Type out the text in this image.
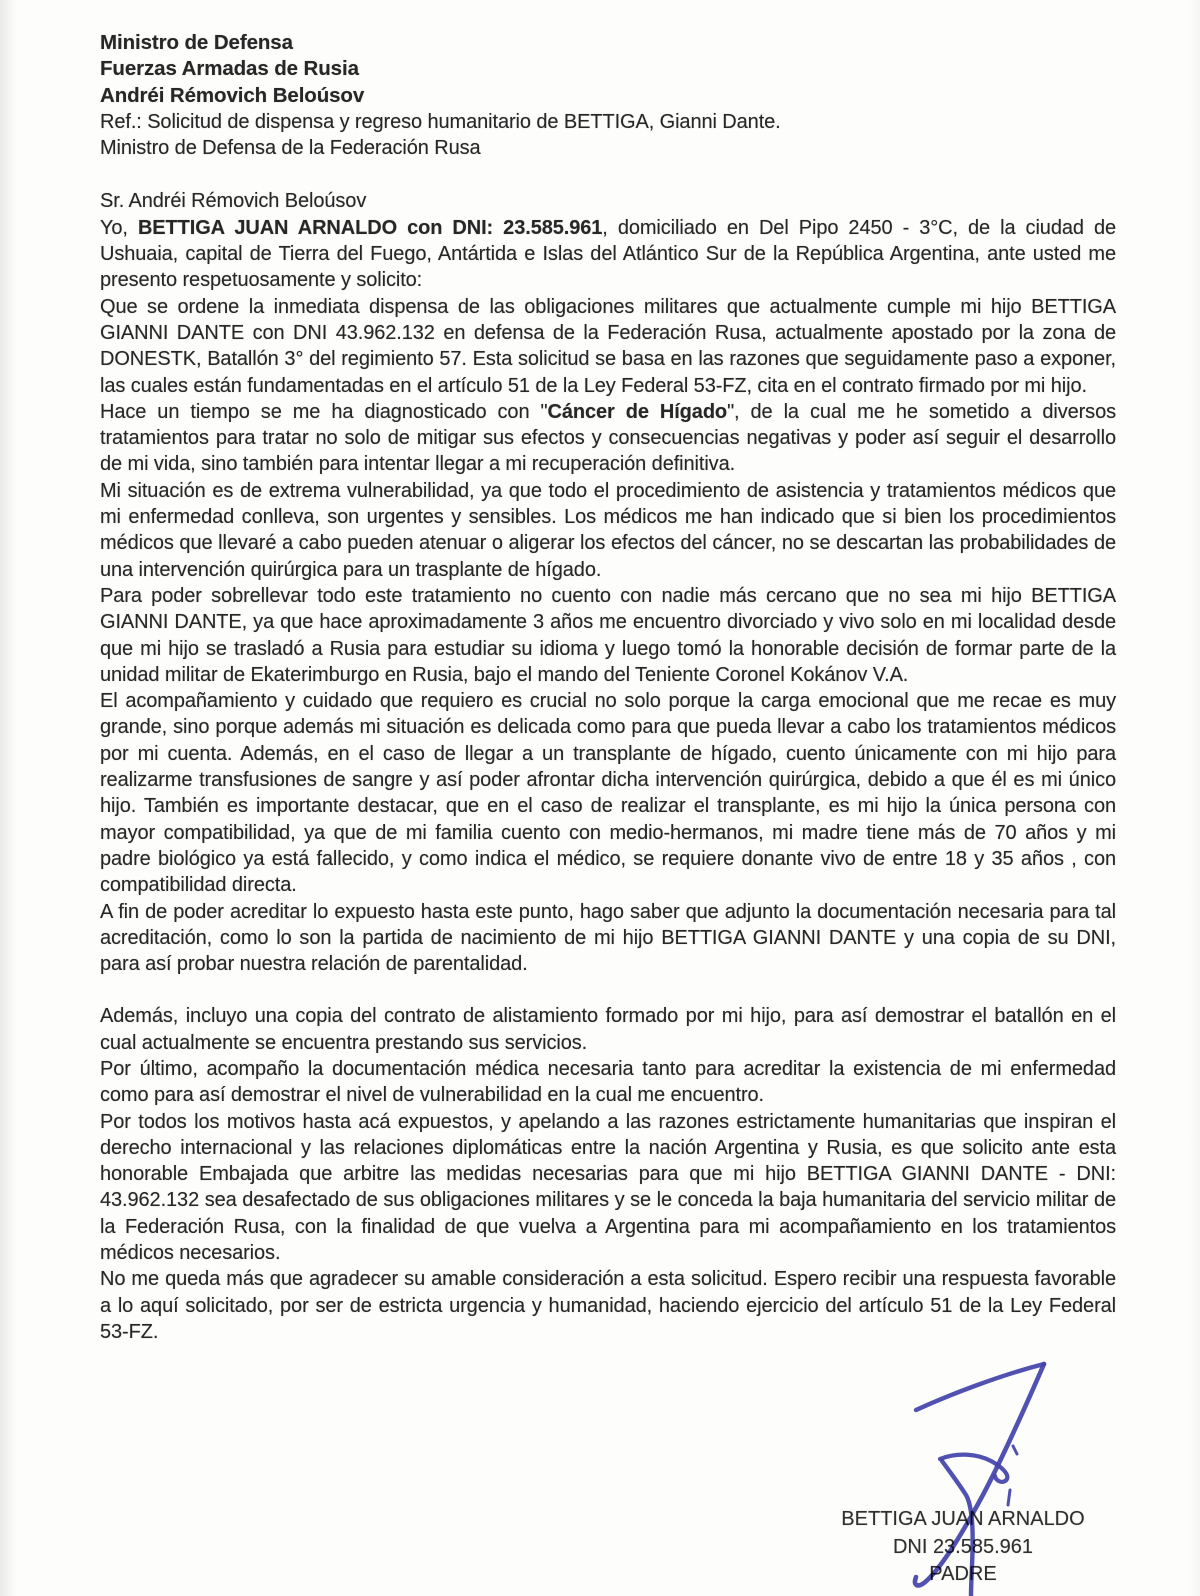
Ministro de Defensa
Fuerzas Armadas de Rusia
Andréi Rémovich Beloúsov
Ref.: Solicitud de dispensa y regreso humanitario de BETTIGA, Gianni Dante.
Ministro de Defensa de la Federación Rusa
Sr. Andréi Rémovich Beloúsov

Yo, BETTIGA JUAN ARNALDO con DNI: 23.585.961, domiciliado en Del Pipo 2450 - 3°C, de la ciudad de Ushuaia, capital de Tierra del Fuego, Antártida e Islas del Atlántico Sur de la República Argentina, ante usted me presento respetuosamente y solicito:

Que se ordene la inmediata dispensa de las obligaciones militares que actualmente cumple mi hijo BETTIGA GIANNI DANTE con DNI 43.962.132 en defensa de la Federación Rusa, actualmente apostado por la zona de DONESTK, Batallón 3° del regimiento 57. Esta solicitud se basa en las razones que seguidamente paso a exponer, las cuales están fundamentadas en el artículo 51 de la Ley Federal 53-FZ, cita en el contrato firmado por mi hijo.

Hace un tiempo se me ha diagnosticado con "Cáncer de Hígado", de la cual me he sometido a diversos tratamientos para tratar no solo de mitigar sus efectos y consecuencias negativas y poder así seguir el desarrollo de mi vida, sino también para intentar llegar a mi recuperación definitiva.

Mi situación es de extrema vulnerabilidad, ya que todo el procedimiento de asistencia y tratamientos médicos que mi enfermedad conlleva, son urgentes y sensibles. Los médicos me han indicado que si bien los procedimientos médicos que llevaré a cabo pueden atenuar o aligerar los efectos del cáncer, no se descartan las probabilidades de una intervención quirúrgica para un trasplante de hígado.

Para poder sobrellevar todo este tratamiento no cuento con nadie más cercano que no sea mi hijo BETTIGA GIANNI DANTE, ya que hace aproximadamente 3 años me encuentro divorciado y vivo solo en mi localidad desde que mi hijo se trasladó a Rusia para estudiar su idioma y luego tomó la honorable decisión de formar parte de la unidad militar de Ekaterimburgo en Rusia, bajo el mando del Teniente Coronel Kokánov V.A.

El acompañamiento y cuidado que requiero es crucial no solo porque la carga emocional que me recae es muy grande, sino porque además mi situación es delicada como para que pueda llevar a cabo los tratamientos médicos por mi cuenta. Además, en el caso de llegar a un transplante de hígado, cuento únicamente con mi hijo para realizarme transfusiones de sangre y así poder afrontar dicha intervención quirúrgica, debido a que él es mi único hijo. También es importante destacar, que en el caso de realizar el transplante, es mi hijo la única persona con mayor compatibilidad, ya que de mi familia cuento con medio-hermanos, mi madre tiene más de 70 años y mi padre biológico ya está fallecido, y como indica el médico, se requiere donante vivo de entre 18 y 35 años , con compatibilidad directa.

A fin de poder acreditar lo expuesto hasta este punto, hago saber que adjunto la documentación necesaria para tal acreditación, como lo son la partida de nacimiento de mi hijo BETTIGA GIANNI DANTE y una copia de su DNI, para así probar nuestra relación de parentalidad.

Además, incluyo una copia del contrato de alistamiento formado por mi hijo, para así demostrar el batallón en el cual actualmente se encuentra prestando sus servicios.

Por último, acompaño la documentación médica necesaria tanto para acreditar la existencia de mi enfermedad como para así demostrar el nivel de vulnerabilidad en la cual me encuentro.

Por todos los motivos hasta acá expuestos, y apelando a las razones estrictamente humanitarias que inspiran el derecho internacional y las relaciones diplomáticas entre la nación Argentina y Rusia, es que solicito ante esta honorable Embajada que arbitre las medidas necesarias para que mi hijo BETTIGA GIANNI DANTE - DNI: 43.962.132 sea desafectado de sus obligaciones militares y se le conceda la baja humanitaria del servicio militar de la Federación Rusa, con la finalidad de que vuelva a Argentina para mi acompañamiento en los tratamientos médicos necesarios.

No me queda más que agradecer su amable consideración a esta solicitud. Espero recibir una respuesta favorable a lo aquí solicitado, por ser de estricta urgencia y humanidad, haciendo ejercicio del artículo 51 de la Ley Federal 53-FZ.

BETTIGA JUAN ARNALDO
DNI 23.585.961
PADRE
